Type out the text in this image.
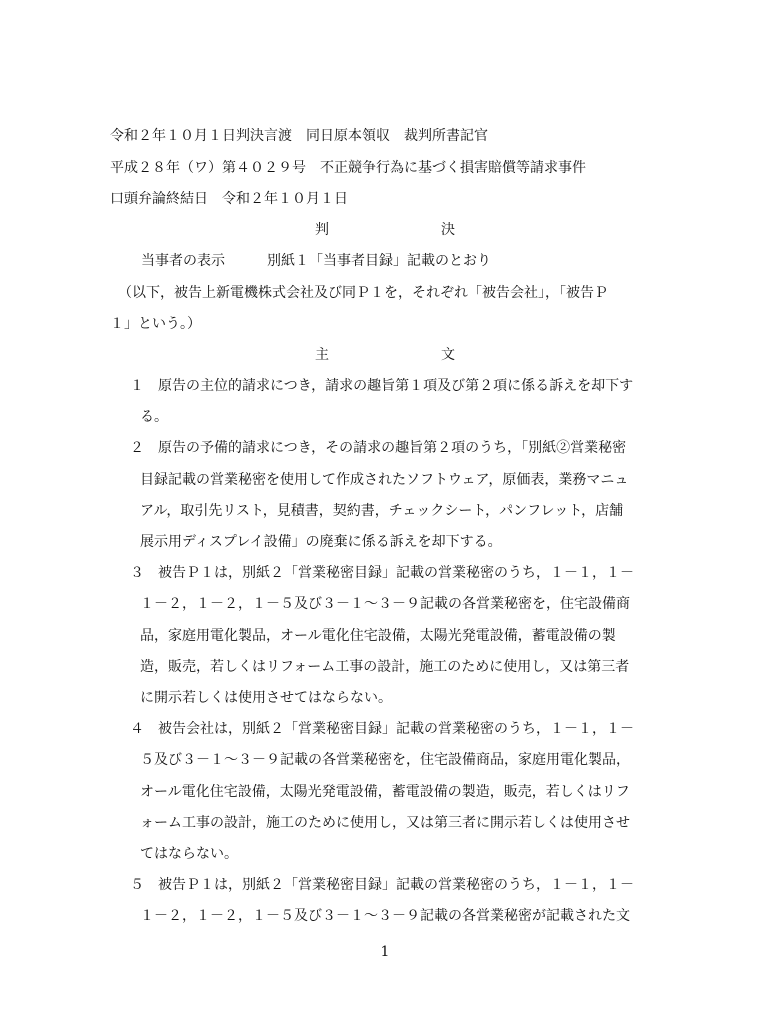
令和２年１０月１日判決言渡　同日原本領収　裁判所書記官
平成２８年（ワ）第４０２９号　不正競争行為に基づく損害賠償等請求事件
口頭弁論終結日　令和２年１０月１日
判　　　　　　　　決
当事者の表示　　　別紙１「当事者目録」記載のとおり
（以下，被告上新電機株式会社及び同Ｐ１を，それぞれ「被告会社」，「被告Ｐ
１」という。）
主　　　　　　　　文
１ 原告の主位的請求につき，請求の趣旨第１項及び第２項に係る訴えを却下す
る。
２ 原告の予備的請求につき，その請求の趣旨第２項のうち，「別紙②営業秘密
目録記載の営業秘密を使用して作成されたソフトウェア，原価表，業務マニュ
アル，取引先リスト，見積書，契約書，チェックシート，パンフレット，店舗
展示用ディスプレイ設備」の廃棄に係る訴えを却下する。
３ 被告Ｐ１は，別紙２「営業秘密目録」記載の営業秘密のうち，１－１，１－
１－２，１－２，１－５及び３－１～３－９記載の各営業秘密を，住宅設備商
品，家庭用電化製品，オール電化住宅設備，太陽光発電設備，蓄電設備の製
造，販売，若しくはリフォーム工事の設計，施工のために使用し，又は第三者
に開示若しくは使用させてはならない。
４ 被告会社は，別紙２「営業秘密目録」記載の営業秘密のうち，１－１，１－
５及び３－１～３－９記載の各営業秘密を，住宅設備商品，家庭用電化製品，
オール電化住宅設備，太陽光発電設備，蓄電設備の製造，販売，若しくはリフ
ォーム工事の設計，施工のために使用し，又は第三者に開示若しくは使用させ
てはならない。
５ 被告Ｐ１は，別紙２「営業秘密目録」記載の営業秘密のうち，１－１，１－
１－２，１－２，１－５及び３－１～３－９記載の各営業秘密が記載された文
1
